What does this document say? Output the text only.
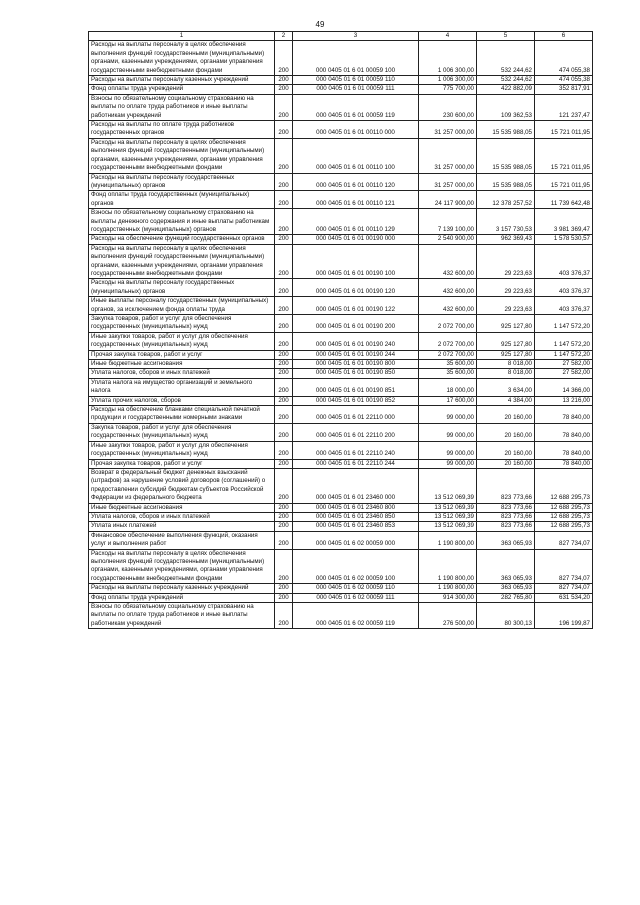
49
1	2	3	4	5	6
Расходы на выплаты персоналу в целях обеспечения выполнения функций государственными (муниципальными) органами, казенными учреждениями, органами управления государственными внебюджетными фондами	200	000 0405 01 6 01 00059 100	1 006 300,00	532 244,62	474 055,38
Расходы на выплаты персоналу казенных учреждений	200	000 0405 01 6 01 00059 110	1 006 300,00	532 244,62	474 055,38
Фонд оплаты труда учреждений	200	000 0405 01 6 01 00059 111	775 700,00	422 882,09	352 817,91
Взносы по обязательному социальному страхованию на выплаты по оплате труда работников и иные выплаты работникам учреждений	200	000 0405 01 6 01 00059 119	230 600,00	109 362,53	121 237,47
Расходы на выплаты по оплате труда работников государственных органов	200	000 0405 01 6 01 00110 000	31 257 000,00	15 535 988,05	15 721 011,95
Расходы на выплаты персоналу в целях обеспечения выполнения функций государственными (муниципальными) органами, казенными учреждениями, органами управления государственными внебюджетными фондами	200	000 0405 01 6 01 00110 100	31 257 000,00	15 535 988,05	15 721 011,95
Расходы на выплаты персоналу государственных (муниципальных) органов	200	000 0405 01 6 01 00110 120	31 257 000,00	15 535 988,05	15 721 011,95
Фонд оплаты труда государственных (муниципальных) органов	200	000 0405 01 6 01 00110 121	24 117 900,00	12 378 257,52	11 739 642,48
Взносы по обязательному социальному страхованию на выплаты денежного содержания и иные выплаты работникам государственных (муниципальных) органов	200	000 0405 01 6 01 00110 129	7 139 100,00	3 157 730,53	3 981 369,47
Расходы на обеспечение функций государственных органов	200	000 0405 01 6 01 00190 000	2 540 900,00	962 369,43	1 578 530,57
Расходы на выплаты персоналу в целях обеспечения выполнения функций государственными (муниципальными) органами, казенными учреждениями, органами управления государственными внебюджетными фондами	200	000 0405 01 6 01 00190 100	432 600,00	29 223,63	403 376,37
Расходы на выплаты персоналу государственных (муниципальных) органов	200	000 0405 01 6 01 00190 120	432 600,00	29 223,63	403 376,37
Иные выплаты персоналу государственных (муниципальных) органов, за исключением фонда оплаты труда	200	000 0405 01 6 01 00190 122	432 600,00	29 223,63	403 376,37
Закупка товаров, работ и услуг для обеспечения государственных (муниципальных) нужд	200	000 0405 01 6 01 00190 200	2 072 700,00	925 127,80	1 147 572,20
Иные закупки товаров, работ и услуг для обеспечения государственных (муниципальных) нужд	200	000 0405 01 6 01 00190 240	2 072 700,00	925 127,80	1 147 572,20
Прочая закупка товаров, работ и услуг	200	000 0405 01 6 01 00190 244	2 072 700,00	925 127,80	1 147 572,20
Иные бюджетные ассигнования	200	000 0405 01 6 01 00190 800	35 600,00	8 018,00	27 582,00
Уплата налогов, сборов и иных платежей	200	000 0405 01 6 01 00190 850	35 600,00	8 018,00	27 582,00
Уплата налога на имущество организаций и земельного налога	200	000 0405 01 6 01 00190 851	18 000,00	3 634,00	14 366,00
Уплата прочих налогов, сборов	200	000 0405 01 6 01 00190 852	17 600,00	4 384,00	13 216,00
Расходы на обеспечение бланками специальной печатной продукции и государственными номерными знаками	200	000 0405 01 6 01 22110 000	99 000,00	20 160,00	78 840,00
Закупка товаров, работ и услуг для обеспечения государственных (муниципальных) нужд	200	000 0405 01 6 01 22110 200	99 000,00	20 160,00	78 840,00
Иные закупки товаров, работ и услуг для обеспечения государственных (муниципальных) нужд	200	000 0405 01 6 01 22110 240	99 000,00	20 160,00	78 840,00
Прочая закупка товаров, работ и услуг	200	000 0405 01 6 01 22110 244	99 000,00	20 160,00	78 840,00
Возврат в федеральный бюджет денежных взысканий (штрафов) за нарушение условий договоров (соглашений) о предоставлении субсидий бюджетам субъектов Российской Федерации из федерального бюджета	200	000 0405 01 6 01 23460 000	13 512 069,39	823 773,66	12 688 295,73
Иные бюджетные ассигнования	200	000 0405 01 6 01 23460 800	13 512 069,39	823 773,66	12 688 295,73
Уплата налогов, сборов и иных платежей	200	000 0405 01 6 01 23460 850	13 512 069,39	823 773,66	12 688 295,73
Уплата иных платежей	200	000 0405 01 6 01 23460 853	13 512 069,39	823 773,66	12 688 295,73
Финансовое обеспечение выполнения функций, оказания услуг и выполнения работ	200	000 0405 01 6 02 00059 000	1 190 800,00	363 065,93	827 734,07
Расходы на выплаты персоналу в целях обеспечения выполнения функций государственными (муниципальными) органами, казенными учреждениями, органами управления государственными внебюджетными фондами	200	000 0405 01 6 02 00059 100	1 190 800,00	363 065,93	827 734,07
Расходы на выплаты персоналу казенных учреждений	200	000 0405 01 6 02 00059 110	1 190 800,00	363 065,93	827 734,07
Фонд оплаты труда учреждений	200	000 0405 01 6 02 00059 111	914 300,00	282 765,80	631 534,20
Взносы по обязательному социальному страхованию на выплаты по оплате труда работников и иные выплаты работникам учреждений	200	000 0405 01 6 02 00059 119	276 500,00	80 300,13	196 199,87
